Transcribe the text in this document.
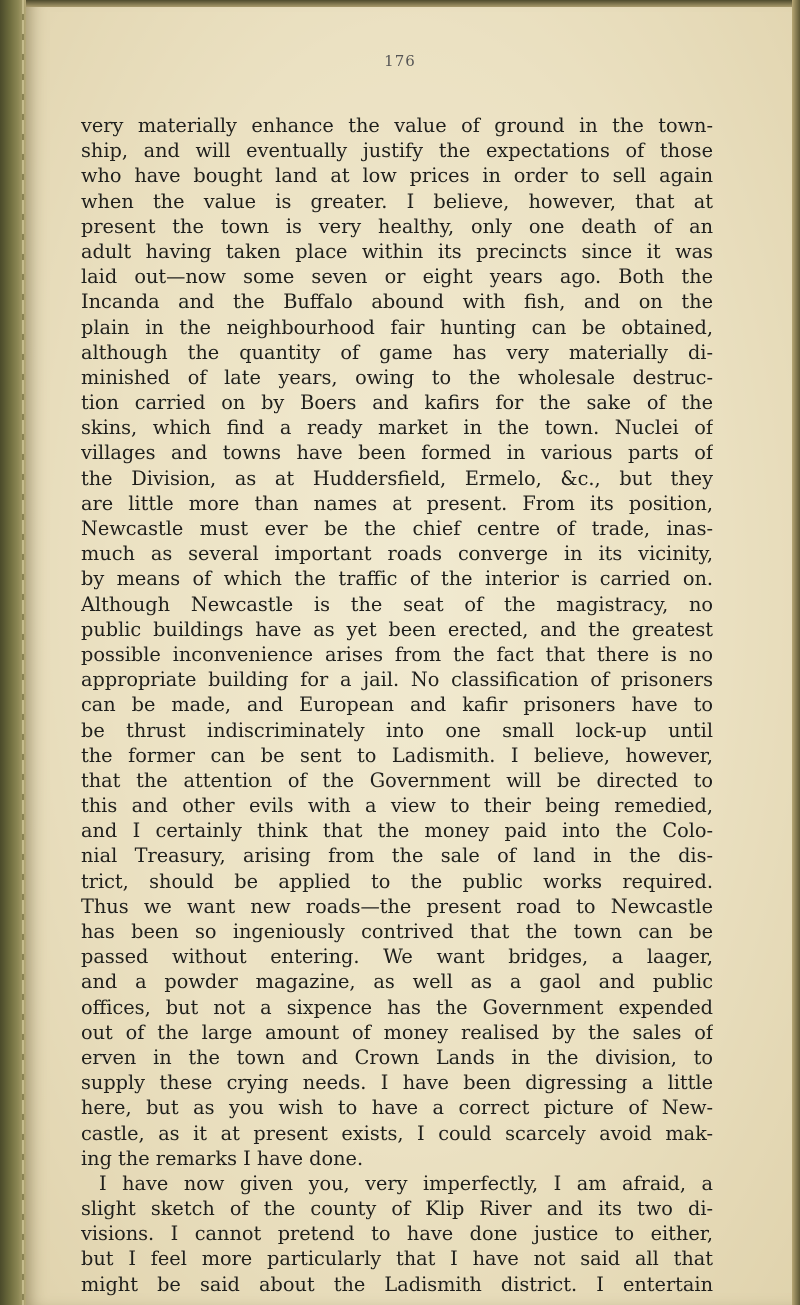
176
very materially enhance the value of ground in the town-
ship, and will eventually justify the expectations of those
who have bought land at low prices in order to sell again
when the value is greater. I believe, however, that at
present the town is very healthy, only one death of an
adult having taken place within its precincts since it was
laid out—now some seven or eight years ago. Both the
Incanda and the Buffalo abound with fish, and on the
plain in the neighbourhood fair hunting can be obtained,
although the quantity of game has very materially di-
minished of late years, owing to the wholesale destruc-
tion carried on by Boers and kafirs for the sake of the
skins, which find a ready market in the town. Nuclei of
villages and towns have been formed in various parts of
the Division, as at Huddersfield, Ermelo, &c., but they
are little more than names at present. From its position,
Newcastle must ever be the chief centre of trade, inas-
much as several important roads converge in its vicinity,
by means of which the traffic of the interior is carried on.
Although Newcastle is the seat of the magistracy, no
public buildings have as yet been erected, and the greatest
possible inconvenience arises from the fact that there is no
appropriate building for a jail. No classification of prisoners
can be made, and European and kafir prisoners have to
be thrust indiscriminately into one small lock-up until
the former can be sent to Ladismith. I believe, however,
that the attention of the Government will be directed to
this and other evils with a view to their being remedied,
and I certainly think that the money paid into the Colo-
nial Treasury, arising from the sale of land in the dis-
trict, should be applied to the public works required.
Thus we want new roads—the present road to Newcastle
has been so ingeniously contrived that the town can be
passed without entering. We want bridges, a laager,
and a powder magazine, as well as a gaol and public
offices, but not a sixpence has the Government expended
out of the large amount of money realised by the sales of
erven in the town and Crown Lands in the division, to
supply these crying needs. I have been digressing a little
here, but as you wish to have a correct picture of New-
castle, as it at present exists, I could scarcely avoid mak-
ing the remarks I have done.
I have now given you, very imperfectly, I am afraid, a
slight sketch of the county of Klip River and its two di-
visions. I cannot pretend to have done justice to either,
but I feel more particularly that I have not said all that
might be said about the Ladismith district. I entertain
